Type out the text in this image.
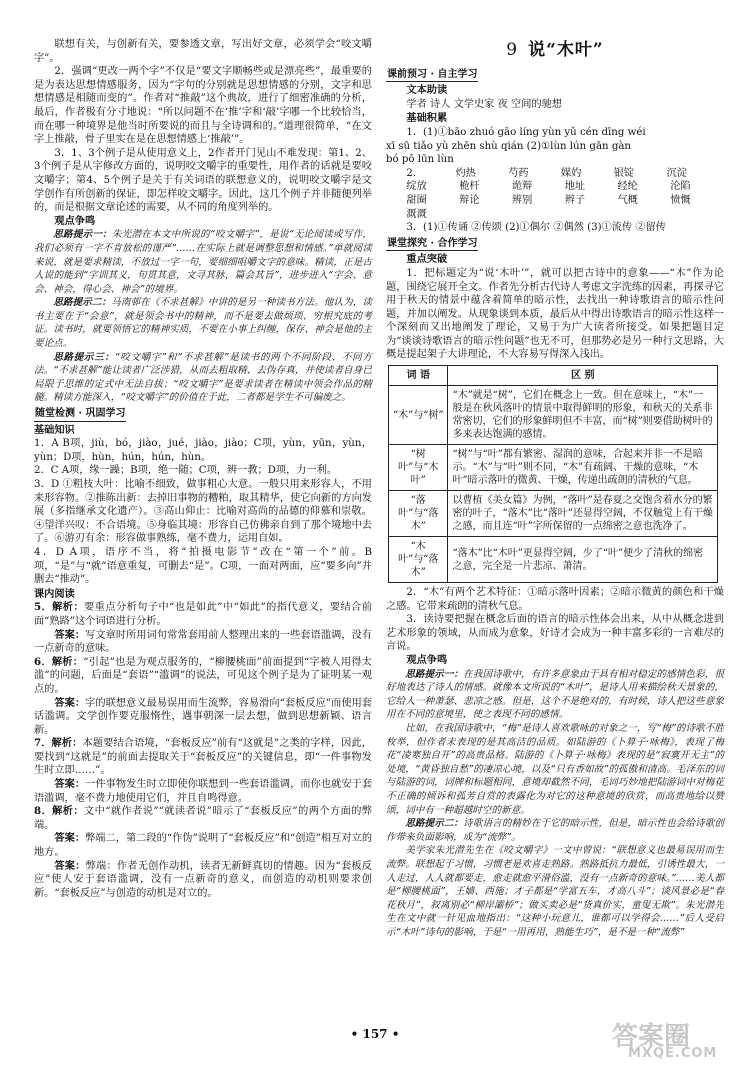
联想有关，与创新有关，要参透文章，写出好文章，必须学会“咬文嚼字”。

2．强调“更改一两个字”不仅是“要文字顺畅些或是漂亮些”，最重要的是为表达思想情感服务，因为“字句的分别就是思想情感的分别，文字和思想情感是相随而变的”。作者对“推敲”这个典故，进行了细密准确的分析，最后，作者极有分寸地说：“所以问题不在‘推’字和‘敲’字哪一个比较恰当，而在哪一种境界是他当时所要说的而且与全诗调和的。”道理很简单，“在文字上推敲，骨子里实在是在思想情感上‘推敲’”。

3．1、3个例子是从使用意义上，2作者开门见山不难发现：第1、2、3个例子是从字修改方面的，说明咬文嚼字的重要性，用作者的话就是要咬文嚼字；第4、5个例子是关于有关词语的联想意义的，说明咬文嚼字是文学创作有所创新的保证，即怎样咬文嚼字。因此，这几个例子并非随便列举的，而是根据文章论述的需要，从不同的角度列举的。

观点争鸣

思路提示一：朱光潜在本文中所说的“咬文嚼字”，是说“无论阅读或写作，我们必须有一字不肯放松的谨严”……在实际上就是调整思想和情感。”单就阅读来说，就是要求精读，不放过一字一句，要细细咀嚼文字的意味。精读，正是古人说的能到“字训其义，句贯其意，文寻其脉，篇会其旨”，进步进入“字会、意会、神会，得心会、神会”的境界。

思路提示二：马南邨在《不求甚解》中讲的是另一种读书方法。他认为，读书主要在于“会意”，就是领会书中的精神，而不是要去做烦琐、穷根究底的考证。读书时，就要领悟它的精神实质，不要在小事上纠缠，保存、神会是他的主要论点。

思路提示三：“咬文嚼字”和“不求甚解”是读书的两个不同阶段、不同方法。“不求甚解”能让读者广泛涉猎，从而去粗取精、去伪存真，并使读者自身已局限于思维的定式中无法自拔；“咬文嚼字”是要求读者在精读中领会作品的精髓。精读方能深入，“咬文嚼字”的价值在于此，二者都是学生不可偏废之。

随堂检测 · 巩固学习

基础知识

1．A B项，jiù，bó，jiào，jué，jiào，jiào；C项，yùn，yūn，yùn，yùn；D项，hùn，hún，hún，hùn。

2．C A项，缘一躁；B项，绝一随；C项，辨一教；D项，力一利。

3．D ①粗枝大叶：比喻不细致，做事粗心大意。一般只用来形容人，不用来形容物。②推陈出新：去掉旧事物的糟粕，取其精华，使它向新的方向发展（多指继承文化遗产）。③高山仰止：比喻对高尚的品德的仰慕和崇敬。④望洋兴叹：不合语境。⑤身临其境：形容自己仿佛亲自到了那个境地中去了。⑥游刃有余：形容做事熟练，毫不费力，运用自如。

4．D A项，语序不当，将“拍摄电影节”改在“第一个”前。B项，“是”与“就”语意重复，可删去“是”。C项，一面对两面，应“要多向”并删去“推动”。

课内阅读

5．解析：要重点分析句子中“也是如此”中“如此”的指代意义，要结合前面“熟路”这个词语进行分析。

答案：写文章时所用词句常常套用前人整理出来的一些套语滥调，没有一点新奇的意味。

6．解析：“引起”也是为观点服务的，“柳腰桃面”前面提到“字被人用得太滥”的问题，后面是“套语”“滥调”的说法，可见这个例子是为了证明某一观点的。

答案：字的联想意义最易误用而生流弊，容易滑向“套板反应”而使用套话滥调。文学创作要克服惰性，遇事朝深一层去想，做到思想新颖、语言新。

7．解析：本题要结合语境，“套板反应”前有“这就是”之类的字样，因此，要找到“这就是”的前面去提取关于“套板反应”的关键信息，即“一件事物发生时立即……”。

答案：一件事物发生时立即使你联想到一些套语滥调，而你也就安于套语滥调，毫不费力地使用它们，并且自鸣得意。

8．解析：文中“就作者说”“就读者说”暗示了“套板反应”的两个方面的弊端。

答案：弊端二，第二段的“作伪”说明了“套板反应”和“创造”相互对立的地方。

答案：弊端：作者无创作动机，读者无新鲜真切的情趣。因为“套板反应”使人安于套语滥调，没有一点新奇的意义，而创造的动机则要求创新。“套板反应”与创造的动机是对立的。

9 说“木叶”
课前预习 · 自主学习

文本助读

学者 诗人 文学史家 夜 空间的驰想

基础积累

1．(1)①bāo zhuó gāo líng yùn yǔ cén dīng wéi

xī sū tiǎo yù zhēn shù qián (2)①lùn lún gān gàn

bó pō lūn lùn

2．	灼热	芍药	媒妁	银锭	沉淀
绽放	桅杆	诡辩	地址	经纶	沦陷
甜圈	辩论	辨别	辫子	气概	愤慨
溉溉

3．(1)①传诵 ②传颂 (2)①偶尔 ②偶然 (3)①流传 ②留传

课堂探究 · 合作学习

重点突破

1．把标题定为“说‘木叶’”，就可以把古诗中的意象——“木”作为论题，围绕它展开全文。作者先分析古代诗人考虑文字洗练的因素，再探寻它用于秋天的情景中蕴含着简单的暗示性，去找出一种诗歌语言的暗示性问题，并加以阐发。从现象谈到本质，最后从中得出诗歌语言的暗示性这样一个深刻而又出地阐发了理论，又易于为广大读者所接受。如果把题目定为“谈谈诗歌语言的暗示性问题”也无不可，但那势必是另一种行文思路，大概是提起架子大讲理论，不大容易写得深入浅出。

词 语	区 别
“木”与“树”	“木”就是“树”，它们在概念上一致。但在意味上，“木”一般是在秋风落叶的情景中取得鲜明的形象，和秋天的关系非常密切，它们的形象鲜明但不丰富，而“树”则要借助树叶的多来表达饱满的感情。
“树叶”与“木叶”	“树”与“叶”都有繁密、湿润的意味，合起来并非一不是暗示。“木”与“叶”则不同，“木”有疏阔、干燥的意味，“木叶”暗示落叶的微黄、干燥，传递出疏朗的清秋的气息。
“落叶”与“落木”	以曹植《美女篇》为例，“落叶”是春夏之交饱含着水分的繁密的叶子，“落木”比“落叶”还显得空阔，不仅触觉上有干燥之感，而且连“叶”字所保留的一点绵密之意也洗净了。
“木叶”与“落木”	“落木”比“木叶”更显得空阔，少了“叶”便少了清秋的绵密之意，完全是一片悲凉、萧清。

2．“木”有两个艺术特征：①暗示落叶因素；②暗示微黄的颜色和干燥之感。它带来疏朗的清秋气息。

3．读诗要把握在概念后面的语言的暗示性体会出来，从中从概念进到艺术形象的领域，从而成为意象，好诗才会成为一种丰富多彩的一言难尽的言说。

观点争鸣

思路提示一：在我国诗歌中，有许多意象由于具有相对稳定的感情色彩，很好地表达了诗人的情感。就像本文所说的“木叶”，是诗人用来描绘秋天景象的，它给人一种萧瑟、悲凉之感。但是，这个不是绝对的，有时候，诗人把这些意象用在不同的意境里，使之表现不同的感情。

比如，在我国诗歌中，“梅”是诗人喜欢歌咏的对象之一，写“梅”的诗歌不胜枚举，但作者未表现的是其高洁的品质。如陆游的《卜算子·咏梅》，表现了梅花“凌寒独自开”的高贵品格。陆游的《卜算子·咏梅》表现的是“寂寞开无主”的处境，“黄昏独自愁”的凄凉心境，以及“只有香如故”的孤傲和清高。毛泽东的词与陆游的词，词牌和标题相同，意境却截然不同，毛词巧妙地把陆游词中对梅花不正确的倾诉和孤芳自赏的表露化为对它的这种意境的欣赏，而高贵地给以赞颂，词中有一种超越时空的新意。

思路提示二：诗歌语言的精妙在于它的暗示性，但是，暗示性也会给诗歌创作带来负面影响，成为“流弊”。

美学家朱光潜先生在《咬文嚼字》一文中曾说：“联想意义也最易误用而生流弊。联想起于习惯，习惯老是欢喜走熟路。熟路抵抗力最低，引诱性最大，一人走过，人人就都要走，愈走就愈平滑俗滥，没有一点新奇的意味。”……美人都是“柳腰桃面”，王嫱、西施；才子都是“学富五车，才高八斗”；谈风景必是“春花秋月”，叙离别必“柳岸灞桥”；做买卖必是“货真价实，童叟无欺”。朱光潜先生在文中就一针见血地指出：“这种小玩意儿，谁都可以学得会……”后人受启示“木叶”诗句的影响，于是“一用再用，熟能生巧”，是不是一种“流弊”

• 157 •	答案圈
MXQE.COM
